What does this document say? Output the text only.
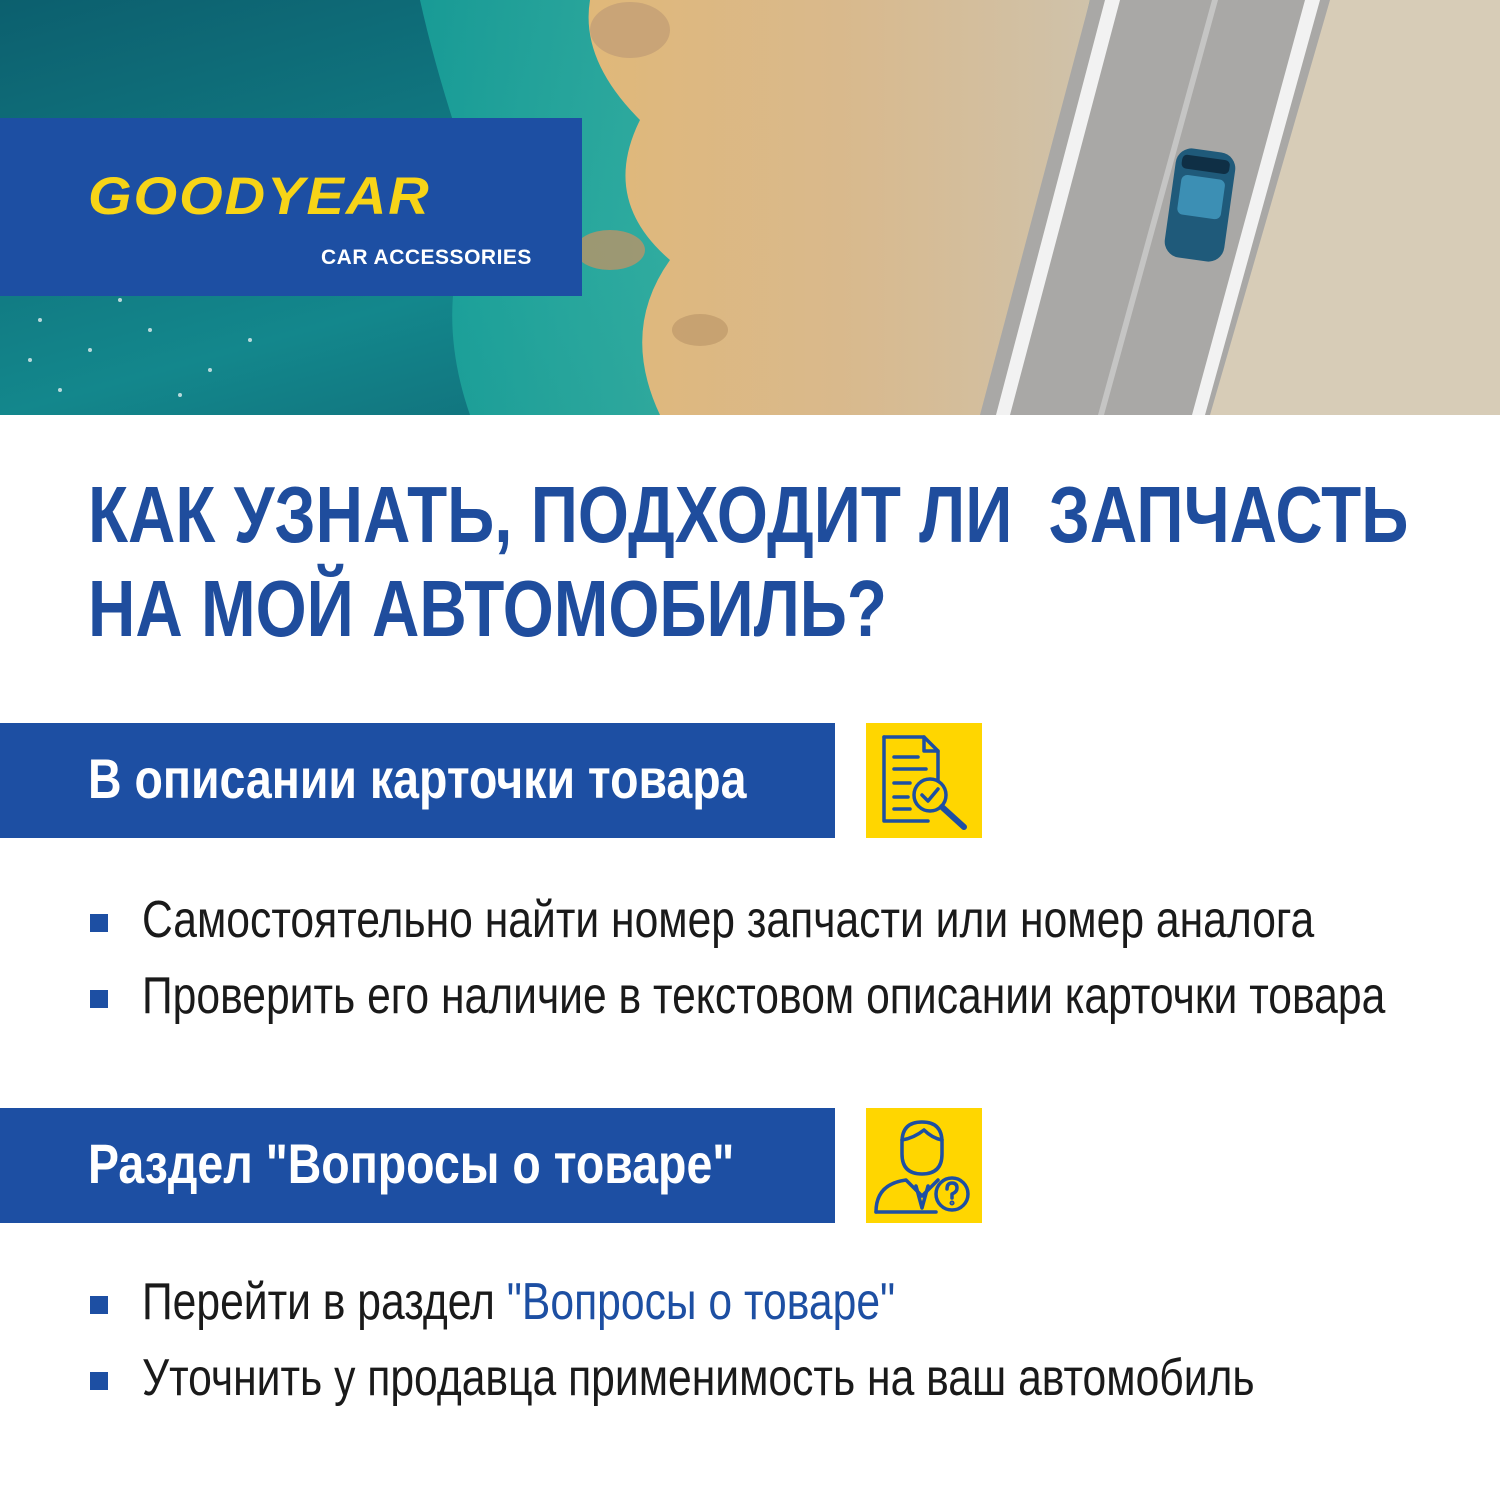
GOODYEAR
CAR ACCESSORIES
КАК УЗНАТЬ, ПОДХОДИТ ЛИ  ЗАПЧАСТЬ
НА МОЙ АВТОМОБИЛЬ?
В описании карточки товара
Самостоятельно найти номер запчасти или номер аналога
Проверить его наличие в текстовом описании карточки товара
Раздел "Вопросы о товаре"
Перейти в раздел "Вопросы о товаре"
Уточнить у продавца применимость на ваш автомобиль
